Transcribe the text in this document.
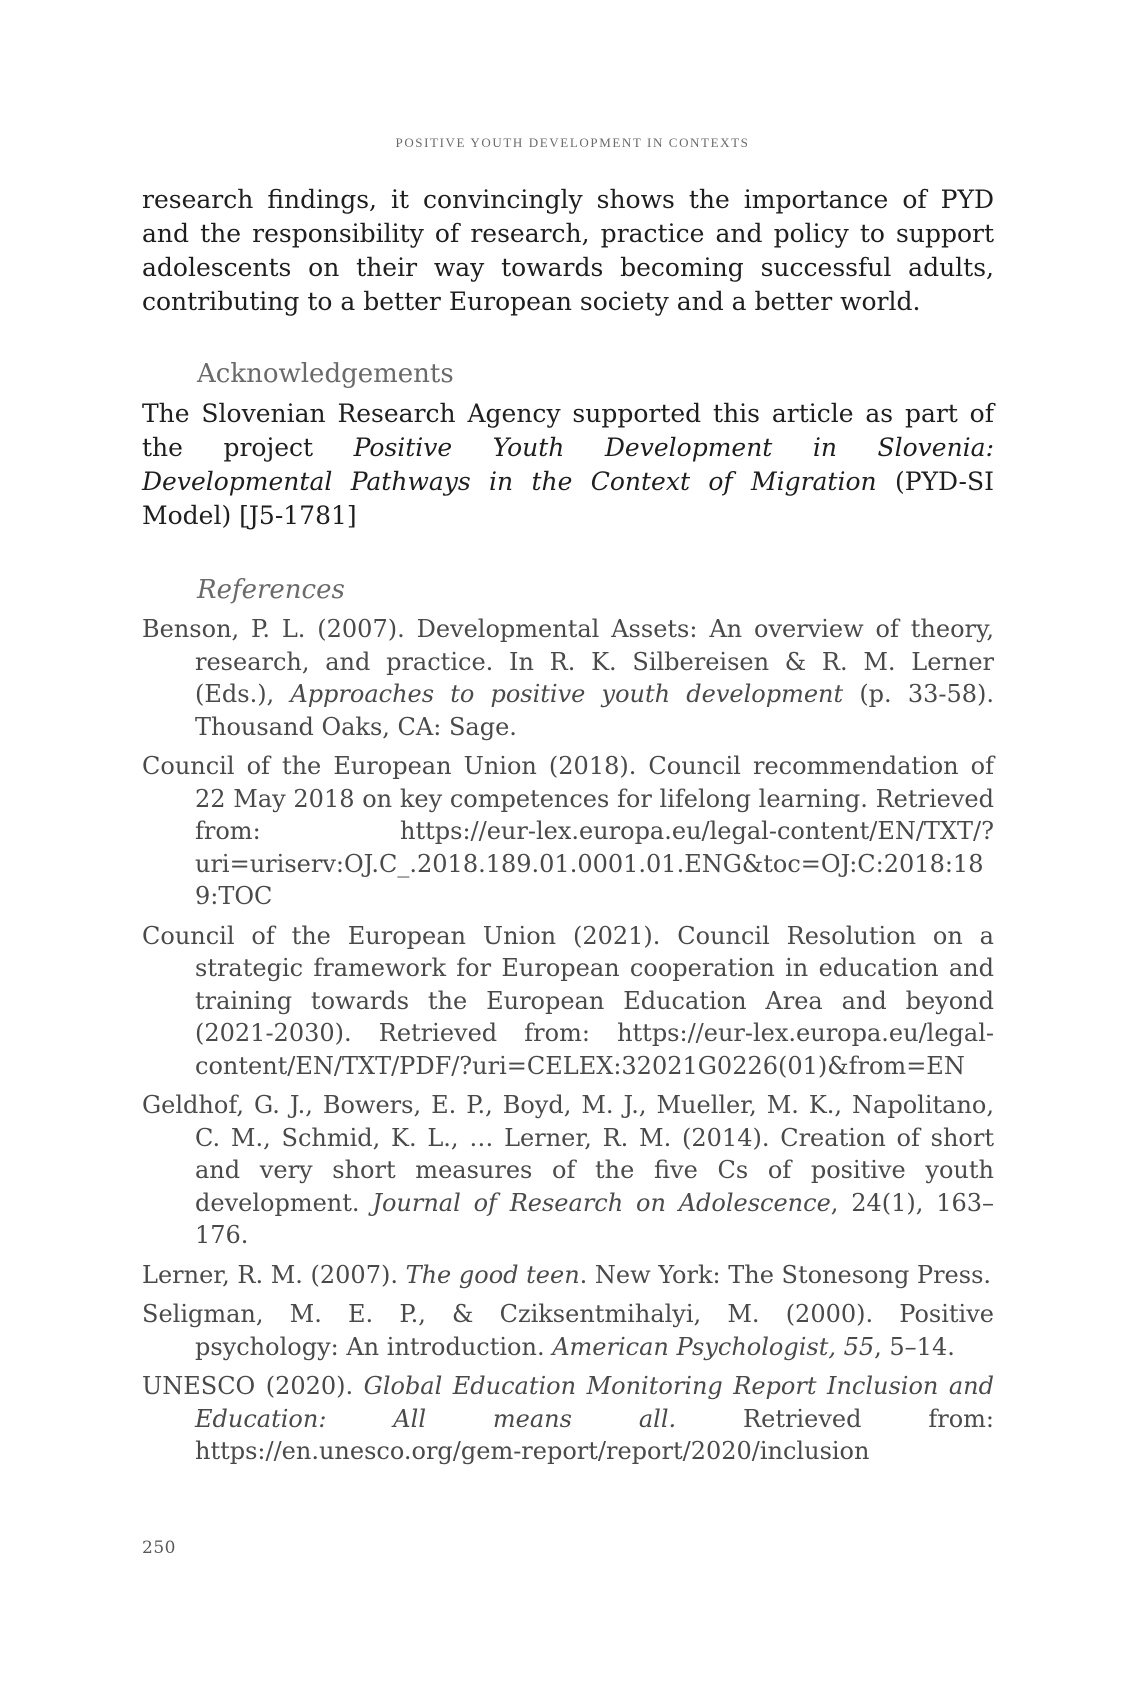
POSITIVE YOUTH DEVELOPMENT IN CONTEXTS

research findings, it convincingly shows the importance of PYD and the responsibility of research, practice and policy to support adolescents on their way towards becoming successful adults, contributing to a better European society and a better world.

Acknowledgements

The Slovenian Research Agency supported this article as part of the project Positive Youth Development in Slovenia: Developmental Pathways in the Context of Migration (PYD-SI Model) [J5-1781]

References
Benson, P. L. (2007). Developmental Assets: An overview of theory, research, and practice. In R. K. Silbereisen & R. M. Lerner (Eds.), Approaches to positive youth development (p. 33-58). Thousand Oaks, CA: Sage.
Council of the European Union (2018). Council recommendation of 22 May 2018 on key competences for lifelong learning. Retrieved from: https://eur-lex.europa.eu/legal-content/EN/TXT/?uri=uriserv:OJ.C_.2018.189.01.0001.01.ENG&toc=OJ:C:2018:189:TOC
Council of the European Union (2021). Council Resolution on a strategic framework for European cooperation in education and training towards the European Education Area and beyond (2021-2030). Retrieved from: https://eur-lex.europa.eu/legal-content/EN/TXT/PDF/?uri=CELEX:32021G0226(01)&from=EN
Geldhof, G. J., Bowers, E. P., Boyd, M. J., Mueller, M. K., Napolitano, C. M., Schmid, K. L., … Lerner, R. M. (2014). Creation of short and very short measures of the five Cs of positive youth development. Journal of Research on Adolescence, 24(1), 163–176.
Lerner, R. M. (2007). The good teen. New York: The Stonesong Press.
Seligman, M. E. P., & Cziksentmihalyi, M. (2000). Positive psychology: An introduction. American Psychologist, 55, 5–14.
UNESCO (2020). Global Education Monitoring Report Inclusion and Education: All means all. Retrieved from: https://en.unesco.org/gem-report/report/2020/inclusion
250
